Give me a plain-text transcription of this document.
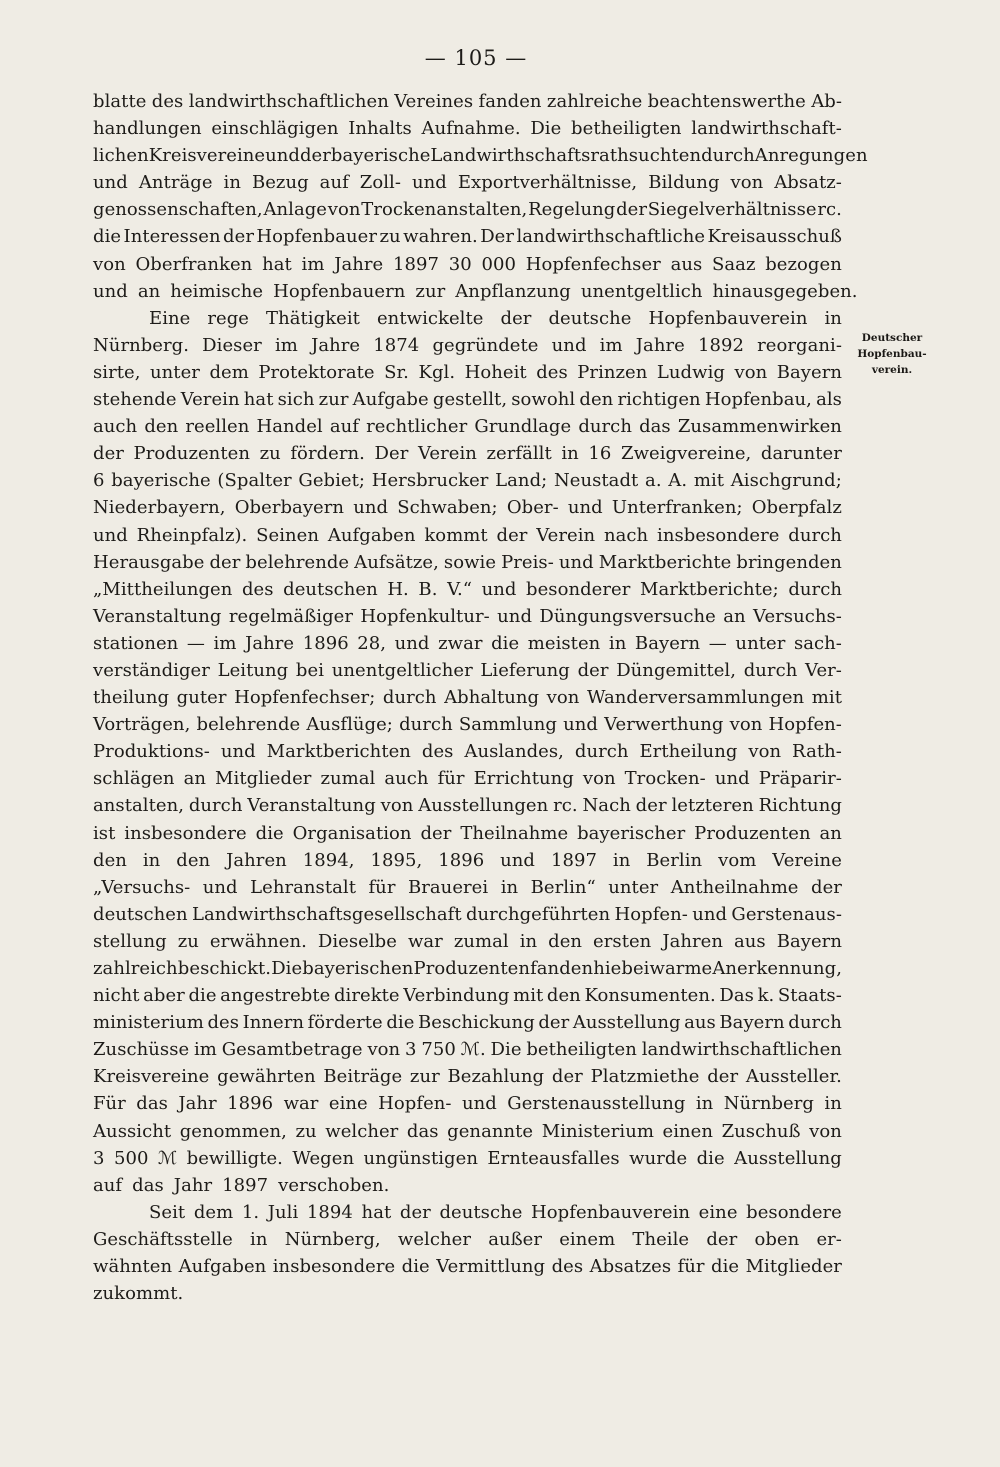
— 105 —
blatte des landwirthschaftlichen Vereines fanden zahlreiche beachtenswerthe Ab-
handlungen einschlägigen Inhalts Aufnahme. Die betheiligten landwirthschaft-
lichen Kreisvereine und der bayerische Landwirthschaftsrath suchten durch Anregungen
und Anträge in Bezug auf Zoll- und Exportverhältnisse, Bildung von Absatz-
genossenschaften, Anlage von Trockenanstalten, Regelung der Siegelverhältnisse rc.
die Interessen der Hopfenbauer zu wahren. Der landwirthschaftliche Kreisausschuß
von Oberfranken hat im Jahre 1897 30 000 Hopfenfechser aus Saaz bezogen
und an heimische Hopfenbauern zur Anpflanzung unentgeltlich hinausgegeben.
Eine rege Thätigkeit entwickelte der deutsche Hopfenbauverein in
Nürnberg. Dieser im Jahre 1874 gegründete und im Jahre 1892 reorgani-
sirte, unter dem Protektorate Sr. Kgl. Hoheit des Prinzen Ludwig von Bayern
stehende Verein hat sich zur Aufgabe gestellt, sowohl den richtigen Hopfenbau, als
auch den reellen Handel auf rechtlicher Grundlage durch das Zusammenwirken
der Produzenten zu fördern. Der Verein zerfällt in 16 Zweigvereine, darunter
6 bayerische (Spalter Gebiet; Hersbrucker Land; Neustadt a. A. mit Aischgrund;
Niederbayern, Oberbayern und Schwaben; Ober- und Unterfranken; Oberpfalz
und Rheinpfalz). Seinen Aufgaben kommt der Verein nach insbesondere durch
Herausgabe der belehrende Aufsätze, sowie Preis- und Marktberichte bringenden
„Mittheilungen des deutschen H. B. V.“ und besonderer Marktberichte; durch
Veranstaltung regelmäßiger Hopfenkultur- und Düngungsversuche an Versuchs-
stationen — im Jahre 1896 28, und zwar die meisten in Bayern — unter sach-
verständiger Leitung bei unentgeltlicher Lieferung der Düngemittel, durch Ver-
theilung guter Hopfenfechser; durch Abhaltung von Wanderversammlungen mit
Vorträgen, belehrende Ausflüge; durch Sammlung und Verwerthung von Hopfen-
Produktions- und Marktberichten des Auslandes, durch Ertheilung von Rath-
schlägen an Mitglieder zumal auch für Errichtung von Trocken- und Präparir-
anstalten, durch Veranstaltung von Ausstellungen rc. Nach der letzteren Richtung
ist insbesondere die Organisation der Theilnahme bayerischer Produzenten an
den in den Jahren 1894, 1895, 1896 und 1897 in Berlin vom Vereine
„Versuchs- und Lehranstalt für Brauerei in Berlin“ unter Antheilnahme der
deutschen Landwirthschaftsgesellschaft durchgeführten Hopfen- und Gerstenaus-
stellung zu erwähnen. Dieselbe war zumal in den ersten Jahren aus Bayern
zahlreich beschickt. Die bayerischen Produzenten fanden hiebei warme Anerkennung,
nicht aber die angestrebte direkte Verbindung mit den Konsumenten. Das k. Staats-
ministerium des Innern förderte die Beschickung der Ausstellung aus Bayern durch
Zuschüsse im Gesamtbetrage von 3 750 ℳ. Die betheiligten landwirthschaftlichen
Kreisvereine gewährten Beiträge zur Bezahlung der Platzmiethe der Aussteller.
Für das Jahr 1896 war eine Hopfen- und Gerstenausstellung in Nürnberg in
Aussicht genommen, zu welcher das genannte Ministerium einen Zuschuß von
3 500 ℳ bewilligte. Wegen ungünstigen Ernteausfalles wurde die Ausstellung
auf das Jahr 1897 verschoben.
Seit dem 1. Juli 1894 hat der deutsche Hopfenbauverein eine besondere
Geschäftsstelle in Nürnberg, welcher außer einem Theile der oben er-
wähnten Aufgaben insbesondere die Vermittlung des Absatzes für die Mitglieder
zukommt.
Deutscher
Hopfenbau-
verein.
